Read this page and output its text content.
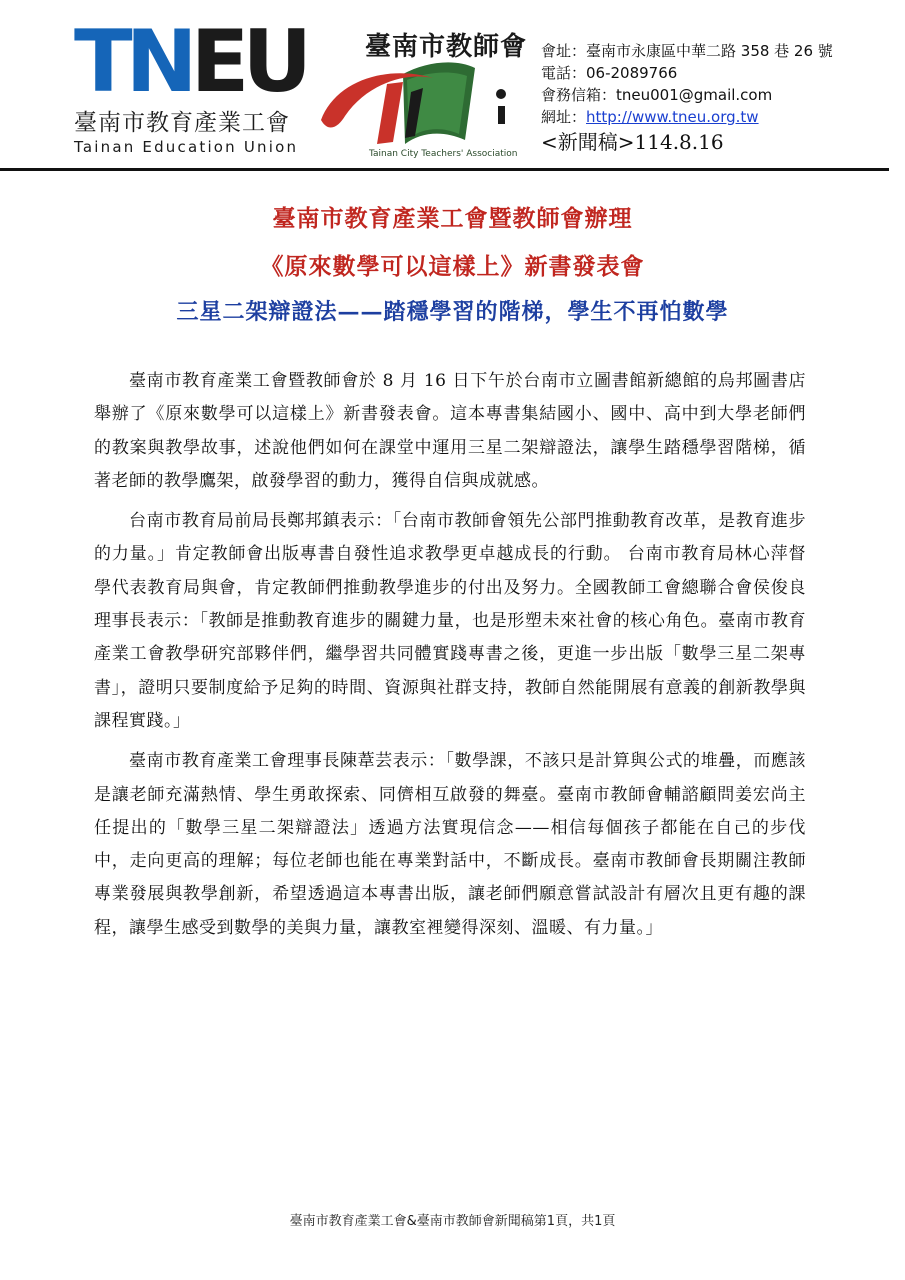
TN EU
臺南市教育產業工會
Tainan Education Union
臺南市教師會
Tainan City Teachers' Association
會址：臺南市永康區中華二路 358 巷 26 號
電話：06-2089766
會務信箱：tneu001@gmail.com
網址：http://www.tneu.org.tw
<新聞稿>114.8.16
臺南市教育產業工會暨教師會辦理
《原來數學可以這樣上》新書發表會
三星二架辯證法——踏穩學習的階梯，學生不再怕數學

臺南市教育產業工會暨教師會於 8 月 16 日下午於台南市立圖書館新總館的烏邦圖書店舉辦了《原來數學可以這樣上》新書發表會。這本專書集結國小、國中、高中到大學老師們的教案與教學故事，述說他們如何在課堂中運用三星二架辯證法，讓學生踏穩學習階梯，循著老師的教學鷹架，啟發學習的動力，獲得自信與成就感。

台南市教育局前局長鄭邦鎮表示：「台南市教師會領先公部門推動教育改革，是教育進步的力量。」肯定教師會出版專書自發性追求教學更卓越成長的行動。 台南市教育局林心萍督學代表教育局與會，肯定教師們推動教學進步的付出及努力。全國教師工會總聯合會侯俊良理事長表示：「教師是推動教育進步的關鍵力量，也是形塑未來社會的核心角色。臺南市教育產業工會教學研究部夥伴們，繼學習共同體實踐專書之後，更進一步出版「數學三星二架專書」，證明只要制度給予足夠的時間、資源與社群支持，教師自然能開展有意義的創新教學與課程實踐。」

臺南市教育產業工會理事長陳葦芸表示：「數學課，不該只是計算與公式的堆疊，而應該是讓老師充滿熱情、學生勇敢探索、同儕相互啟發的舞臺。臺南市教師會輔諮顧問姜宏尚主任提出的「數學三星二架辯證法」透過方法實現信念——相信每個孩子都能在自己的步伐中，走向更高的理解；每位老師也能在專業對話中，不斷成長。臺南市教師會長期關注教師專業發展與教學創新，希望透過這本專書出版，讓老師們願意嘗試設計有層次且更有趣的課程，讓學生感受到數學的美與力量，讓教室裡變得深刻、溫暖、有力量。」

臺南市教育產業工會&臺南市教師會新聞稿第1頁，共1頁
